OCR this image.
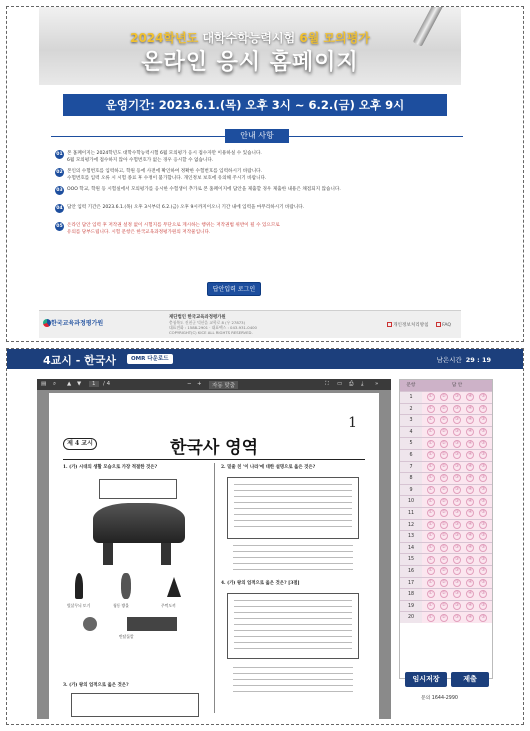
2024학년도 대학수학능력시험 6월 모의평가
온라인 응시 홈페이지
운영기간: 2023.6.1.(목) 오후 3시 ~ 6.2.(금) 오후 9시
안내 사항
01 본 홈페이지는 2024학년도 대학수학능력시험 6월 모의평가 응시 접수자만 이용하실 수 있습니다.
6월 모의평가에 접수하지 않아 수험번호가 없는 경우 응시할 수 없습니다.
02 본인의 수험번호를 입력하고, 학원 등에 사전에 확인하여 정확한 수험번호를 입력하시기 바랍니다.
수험번호를 입력 오류 시 시험 종료 후 수정이 불가합니다. 개인정보 보호에 유의해 주시기 바랍니다.
03 OOO 학교, 학원 등 시험실에서 모의평가를 응시한 수험생이 추가로 본 홈페이지에 답안을 제출할 경우 제출한 내용은 채점되지 않습니다.
04 답안 입력 기간은 2023.6.1.(목) 오후 3시부터 6.2.(금) 오후 9시까지이오니 기간 내에 입력을 마무리하시기 바랍니다.
05 온라인 답안 입력 후 저작권 설정 없이 시험지를 무단으로 게시하는 행위는 저작권법 위반이 될 수 있으므로
유의를 당부드립니다. 시험 문항은 한국교육과정평가원의 저작물입니다.
답안입력 로그인
한국교육과정평가원
재단법인 한국교육과정평가원
충청북도 진천군 덕산읍 교학로 8 (우 27873)
대표전화 : 1588-2901 · 대표팩스 : 043-931-0400
COPYRIGHT(C) KICE ALL RIGHTS RESERVED.
개인정보처리방침	FAQ
4교시 - 한국사	OMR 다운로드	남은시간 29 : 19
▤ ⌕ ▲ ▼	1	/ 4	− +	자동 맞춤	⛶ ▭ ⎙ ⤓ »
1
제 4 교시	한국사 영역
1. (가) 시대의 생활 모습으로 가장 적절한 것은?
빗살무늬 토기	청동 방울	주먹도끼
반달돌칼
3. (가) 왕의 업적으로 옳은 것은?
2. 밑줄 친 '이 나라'에 대한 설명으로 옳은 것은?
4. (가) 왕의 업적으로 옳은 것은? [3점]
문항	답 안
1	①	②	③	④	⑤
2	①	②	③	④	⑤
3	①	②	③	④	⑤
4	①	②	③	④	⑤
5	①	②	③	④	⑤
6	①	②	③	④	⑤
7	①	②	③	④	⑤
8	①	②	③	④	⑤
9	①	②	③	④	⑤
10	①	②	③	④	⑤
11	①	②	③	④	⑤
12	①	②	③	④	⑤
13	①	②	③	④	⑤
14	①	②	③	④	⑤
15	①	②	③	④	⑤
16	①	②	③	④	⑤
17	①	②	③	④	⑤
18	①	②	③	④	⑤
19	①	②	③	④	⑤
20	①	②	③	④	⑤
임시저장	제출
문의 1644-2990
